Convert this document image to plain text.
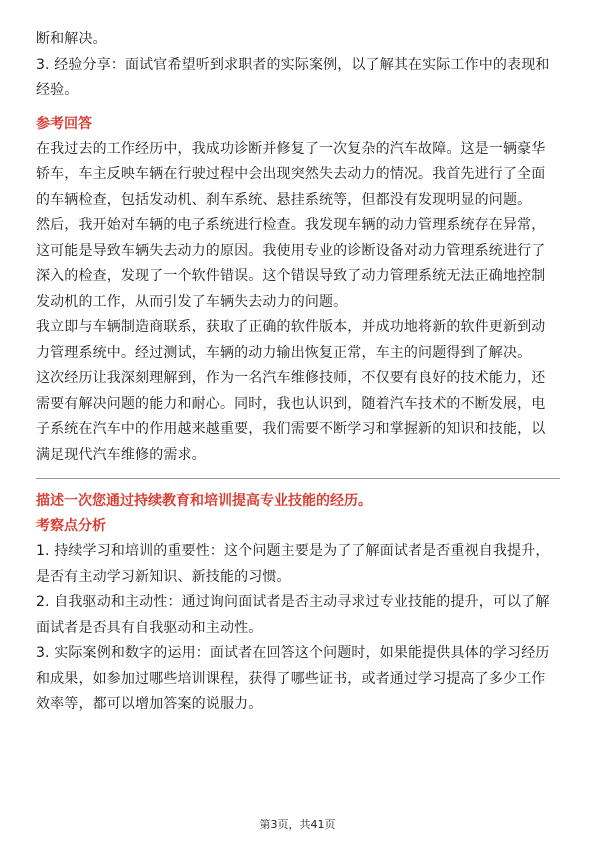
断和解决。
3. 经验分享：面试官希望听到求职者的实际案例，以了解其在实际工作中的表现和
经验。
参考回答
在我过去的工作经历中，我成功诊断并修复了一次复杂的汽车故障。这是一辆豪华
轿车，车主反映车辆在行驶过程中会出现突然失去动力的情况。我首先进行了全面
的车辆检查，包括发动机、刹车系统、悬挂系统等，但都没有发现明显的问题。
然后，我开始对车辆的电子系统进行检查。我发现车辆的动力管理系统存在异常，
这可能是导致车辆失去动力的原因。我使用专业的诊断设备对动力管理系统进行了
深入的检查，发现了一个软件错误。这个错误导致了动力管理系统无法正确地控制
发动机的工作，从而引发了车辆失去动力的问题。
我立即与车辆制造商联系，获取了正确的软件版本，并成功地将新的软件更新到动
力管理系统中。经过测试，车辆的动力输出恢复正常，车主的问题得到了解决。
这次经历让我深刻理解到，作为一名汽车维修技师，不仅要有良好的技术能力，还
需要有解决问题的能力和耐心。同时，我也认识到，随着汽车技术的不断发展，电
子系统在汽车中的作用越来越重要，我们需要不断学习和掌握新的知识和技能，以
满足现代汽车维修的需求。
描述一次您通过持续教育和培训提高专业技能的经历。
考察点分析
1. 持续学习和培训的重要性：这个问题主要是为了了解面试者是否重视自我提升，
是否有主动学习新知识、新技能的习惯。
2. 自我驱动和主动性：通过询问面试者是否主动寻求过专业技能的提升，可以了解
面试者是否具有自我驱动和主动性。
3. 实际案例和数字的运用：面试者在回答这个问题时，如果能提供具体的学习经历
和成果，如参加过哪些培训课程，获得了哪些证书，或者通过学习提高了多少工作
效率等，都可以增加答案的说服力。
第3页，共41页
